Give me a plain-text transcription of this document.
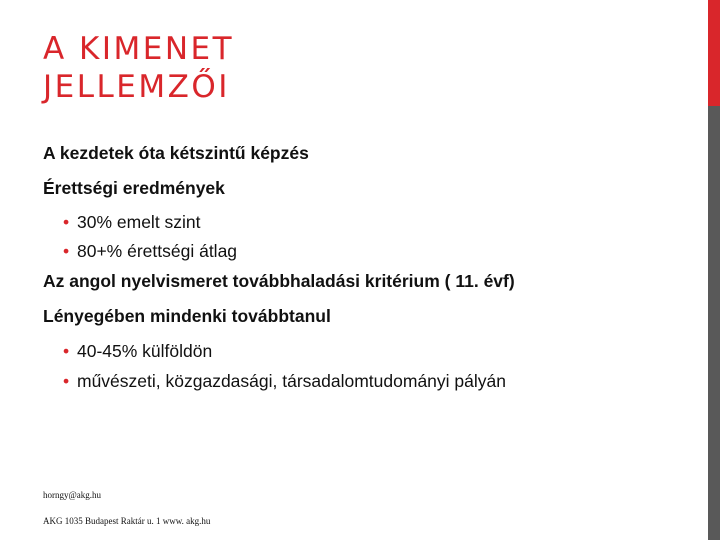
A KIMENET
JELLEMZŐI
A kezdetek óta kétszintű képzés
Érettségi eredmények
• 30% emelt szint
• 80+% érettségi átlag
Az angol nyelvismeret továbbhaladási kritérium ( 11. évf)
Lényegében mindenki továbbtanul
• 40-45% külföldön
• művészeti, közgazdasági, társadalomtudományi pályán
horngy@akg.hu
AKG 1035 Budapest Raktár u. 1 www. akg.hu
